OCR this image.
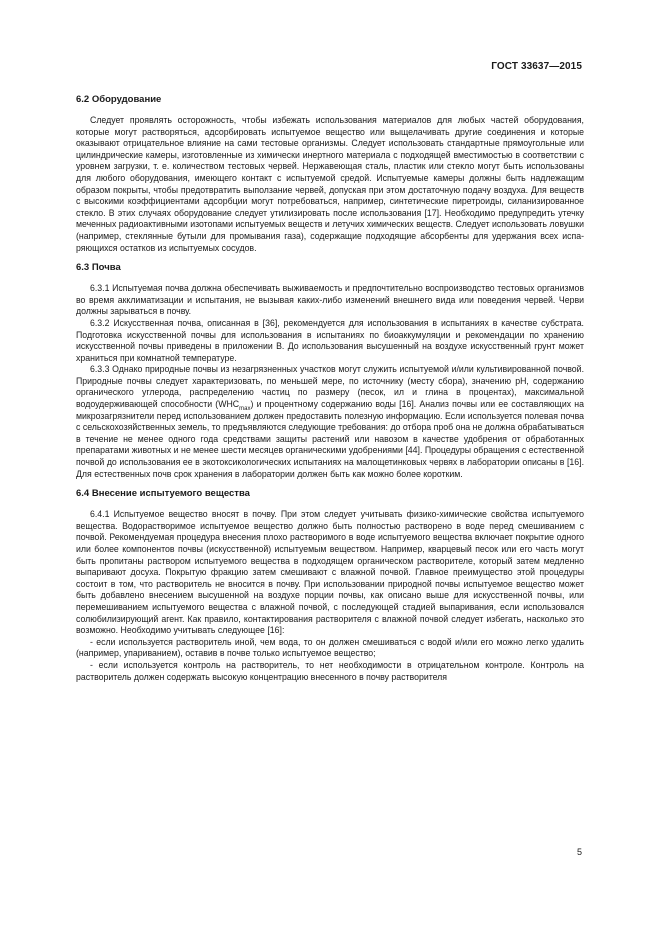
ГОСТ 33637—2015
6.2 Оборудование

Следует проявлять осторожность, чтобы избежать использования материалов для любых частей оборудования, которые могут растворяться, адсорбировать испытуемое вещество или выщелачивать другие соединения и которые оказывают отрицательное влияние на сами тестовые организмы. Следует использовать стандартные прямоугольные или цилиндрические камеры, изготовленные из химически инертного материала с подходящей вместимостью в соответствии с уровнем загрузки, т. е. количеством тестовых червей. Нержавеющая сталь, пластик или стекло могут быть использованы для любого оборудования, имеющего контакт с испытуемой средой. Испытуемые камеры должны быть надлежащим образом покрыты, чтобы предотвратить выползание червей, допуская при этом достаточную подачу воздуха. Для веществ с высокими коэффициентами адсорбции могут потребоваться, например, синтетические пиретроиды, силанизированное стекло. В этих случаях оборудование следует утилизировать после использования [17]. Необходимо предупредить утечку меченных радиоактивными изотопами испытуемых веществ и летучих химических веществ. Следует использовать ловушки (например, стеклянные бутыли для промывания газа), содержащие подходящие абсорбенты для удержания всех испаряющихся остатков из испытуемых сосудов.

6.3 Почва

6.3.1 Испытуемая почва должна обеспечивать выживаемость и предпочтительно воспроизводство тестовых организмов во время акклиматизации и испытания, не вызывая каких-либо изменений внешнего вида или поведения червей. Черви должны зарываться в почву.

6.3.2 Искусственная почва, описанная в [36], рекомендуется для использования в испытаниях в качестве субстрата. Подготовка искусственной почвы для использования в испытаниях по биоаккумуляции и рекомендации по хранению искусственной почвы приведены в приложении В. До использования высушенный на воздухе искусственный грунт может храниться при комнатной температуре.

6.3.3 Однако природные почвы из незагрязненных участков могут служить испытуемой и/или культивированной почвой. Природные почвы следует характеризовать, по меньшей мере, по источнику (месту сбора), значению pH, содержанию органического углерода, распределению частиц по размеру (песок, ил и глина в процентах), максимальной водоудерживающей способности $(WHC_{max})$ и процентному содержанию воды [16]. Анализ почвы или ее составляющих на микрозагрязнители перед использованием должен предоставить полезную информацию. Если используется полевая почва с сельскохозяйственных земель, то предъявляются следующие требования: до отбора проб она не должна обрабатываться в течение не менее одного года средствами защиты растений или навозом в качестве удобрения от обработанных препаратами животных и не менее шести месяцев органическими удобрениями [44]. Процедуры обращения с естественной почвой до использования ее в экотоксикологических испытаниях на малощетинковых червях в лаборатории описаны в [16]. Для естественных почв срок хранения в лаборатории должен быть как можно более коротким.

6.4 Внесение испытуемого вещества

6.4.1 Испытуемое вещество вносят в почву. При этом следует учитывать физико-химические свойства испытуемого вещества. Водорастворимое испытуемое вещество должно быть полностью растворено в воде перед смешиванием с почвой. Рекомендуемая процедура внесения плохо растворимого в воде испытуемого вещества включает покрытие одного или более компонентов почвы (искусственной) испытуемым веществом. Например, кварцевый песок или его часть могут быть пропитаны раствором испытуемого вещества в подходящем органическом растворителе, который затем медленно выпаривают досуха. Покрытую фракцию затем смешивают с влажной почвой. Главное преимущество этой процедуры состоит в том, что растворитель не вносится в почву. При использовании природной почвы испытуемое вещество может быть добавлено внесением высушенной на воздухе порции почвы, как описано выше для искусственной почвы, или перемешиванием испытуемого вещества с влажной почвой, с последующей стадией выпаривания, если использовался солюбилизирующий агент. Как правило, контактирования растворителя с влажной почвой следует избегать, насколько это возможно. Необходимо учитывать следующее [16]:

- если используется растворитель иной, чем вода, то он должен смешиваться с водой и/или его можно легко удалить (например, упариванием), оставив в почве только испытуемое вещество;

- если используется контроль на растворитель, то нет необходимости в отрицательном контроле. Контроль на растворитель должен содержать высокую концентрацию внесенного в почву растворителя

5
